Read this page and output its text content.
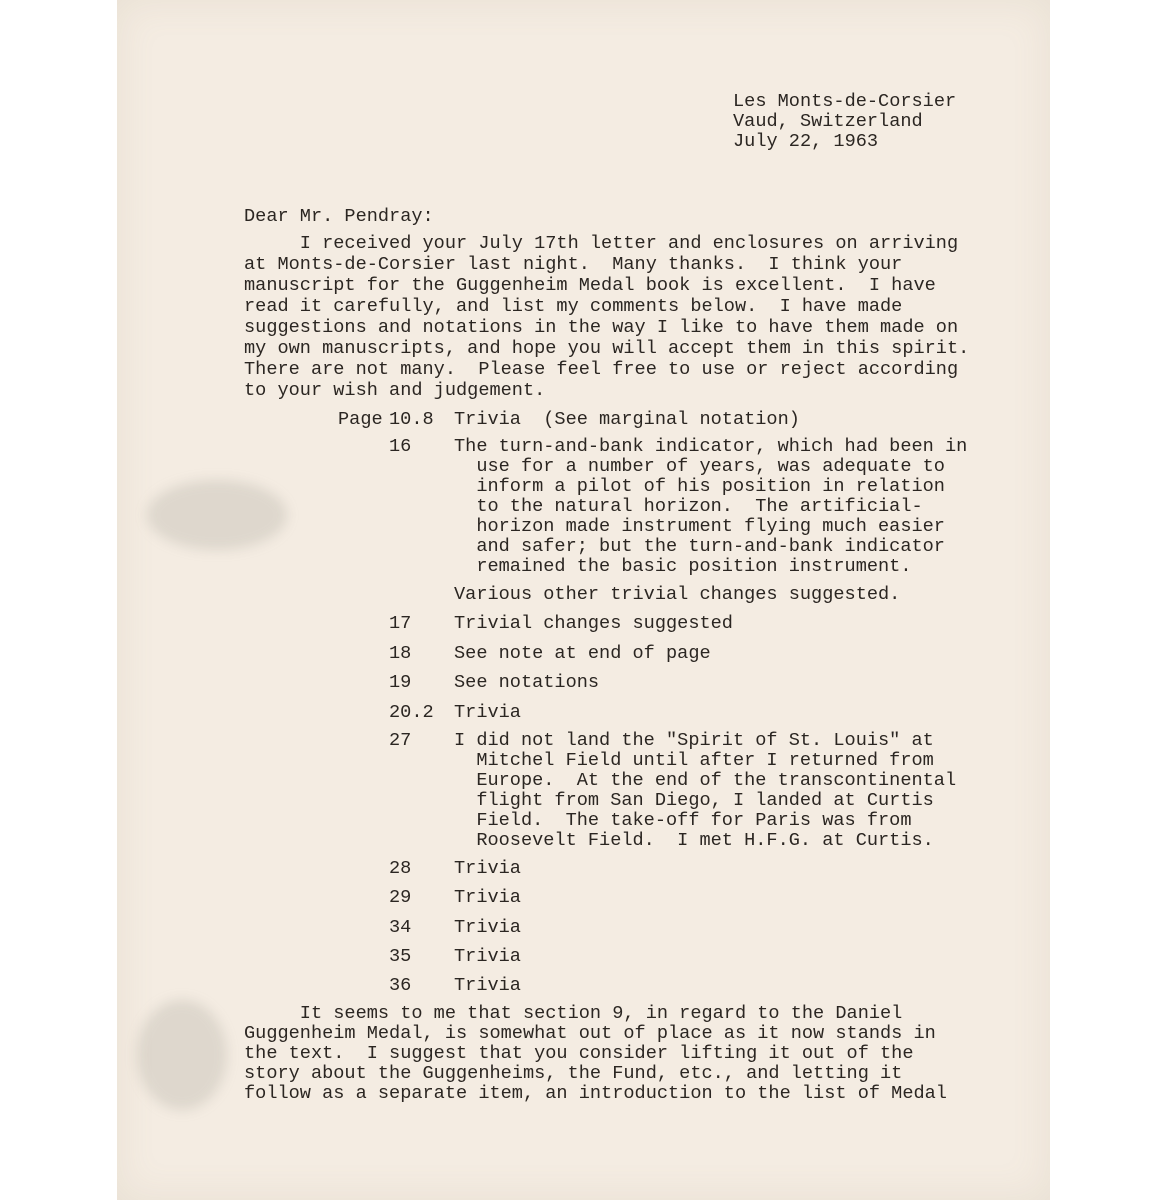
Les Monts-de-Corsier
Vaud, Switzerland
July 22, 1963
Dear Mr. Pendray:
I received your July 17th letter and enclosures on arriving
at Monts-de-Corsier last night.  Many thanks.  I think your
manuscript for the Guggenheim Medal book is excellent.  I have
read it carefully, and list my comments below.  I have made
suggestions and notations in the way I like to have them made on
my own manuscripts, and hope you will accept them in this spirit.
There are not many.  Please feel free to use or reject according
to your wish and judgement.
Page 10.8 Trivia  (See marginal notation)
16 The turn-and-bank indicator, which had been in
use for a number of years, was adequate to
inform a pilot of his position in relation
to the natural horizon.  The artificial-
horizon made instrument flying much easier
and safer; but the turn-and-bank indicator
remained the basic position instrument.
Various other trivial changes suggested.
17 Trivial changes suggested
18 See note at end of page
19 See notations
20.2 Trivia
27 I did not land the "Spirit of St. Louis" at
Mitchel Field until after I returned from
Europe.  At the end of the transcontinental
flight from San Diego, I landed at Curtis
Field.  The take-off for Paris was from
Roosevelt Field.  I met H.F.G. at Curtis.
28 Trivia
29 Trivia
34 Trivia
35 Trivia
36 Trivia
It seems to me that section 9, in regard to the Daniel
Guggenheim Medal, is somewhat out of place as it now stands in
the text.  I suggest that you consider lifting it out of the
story about the Guggenheims, the Fund, etc., and letting it
follow as a separate item, an introduction to the list of Medal
